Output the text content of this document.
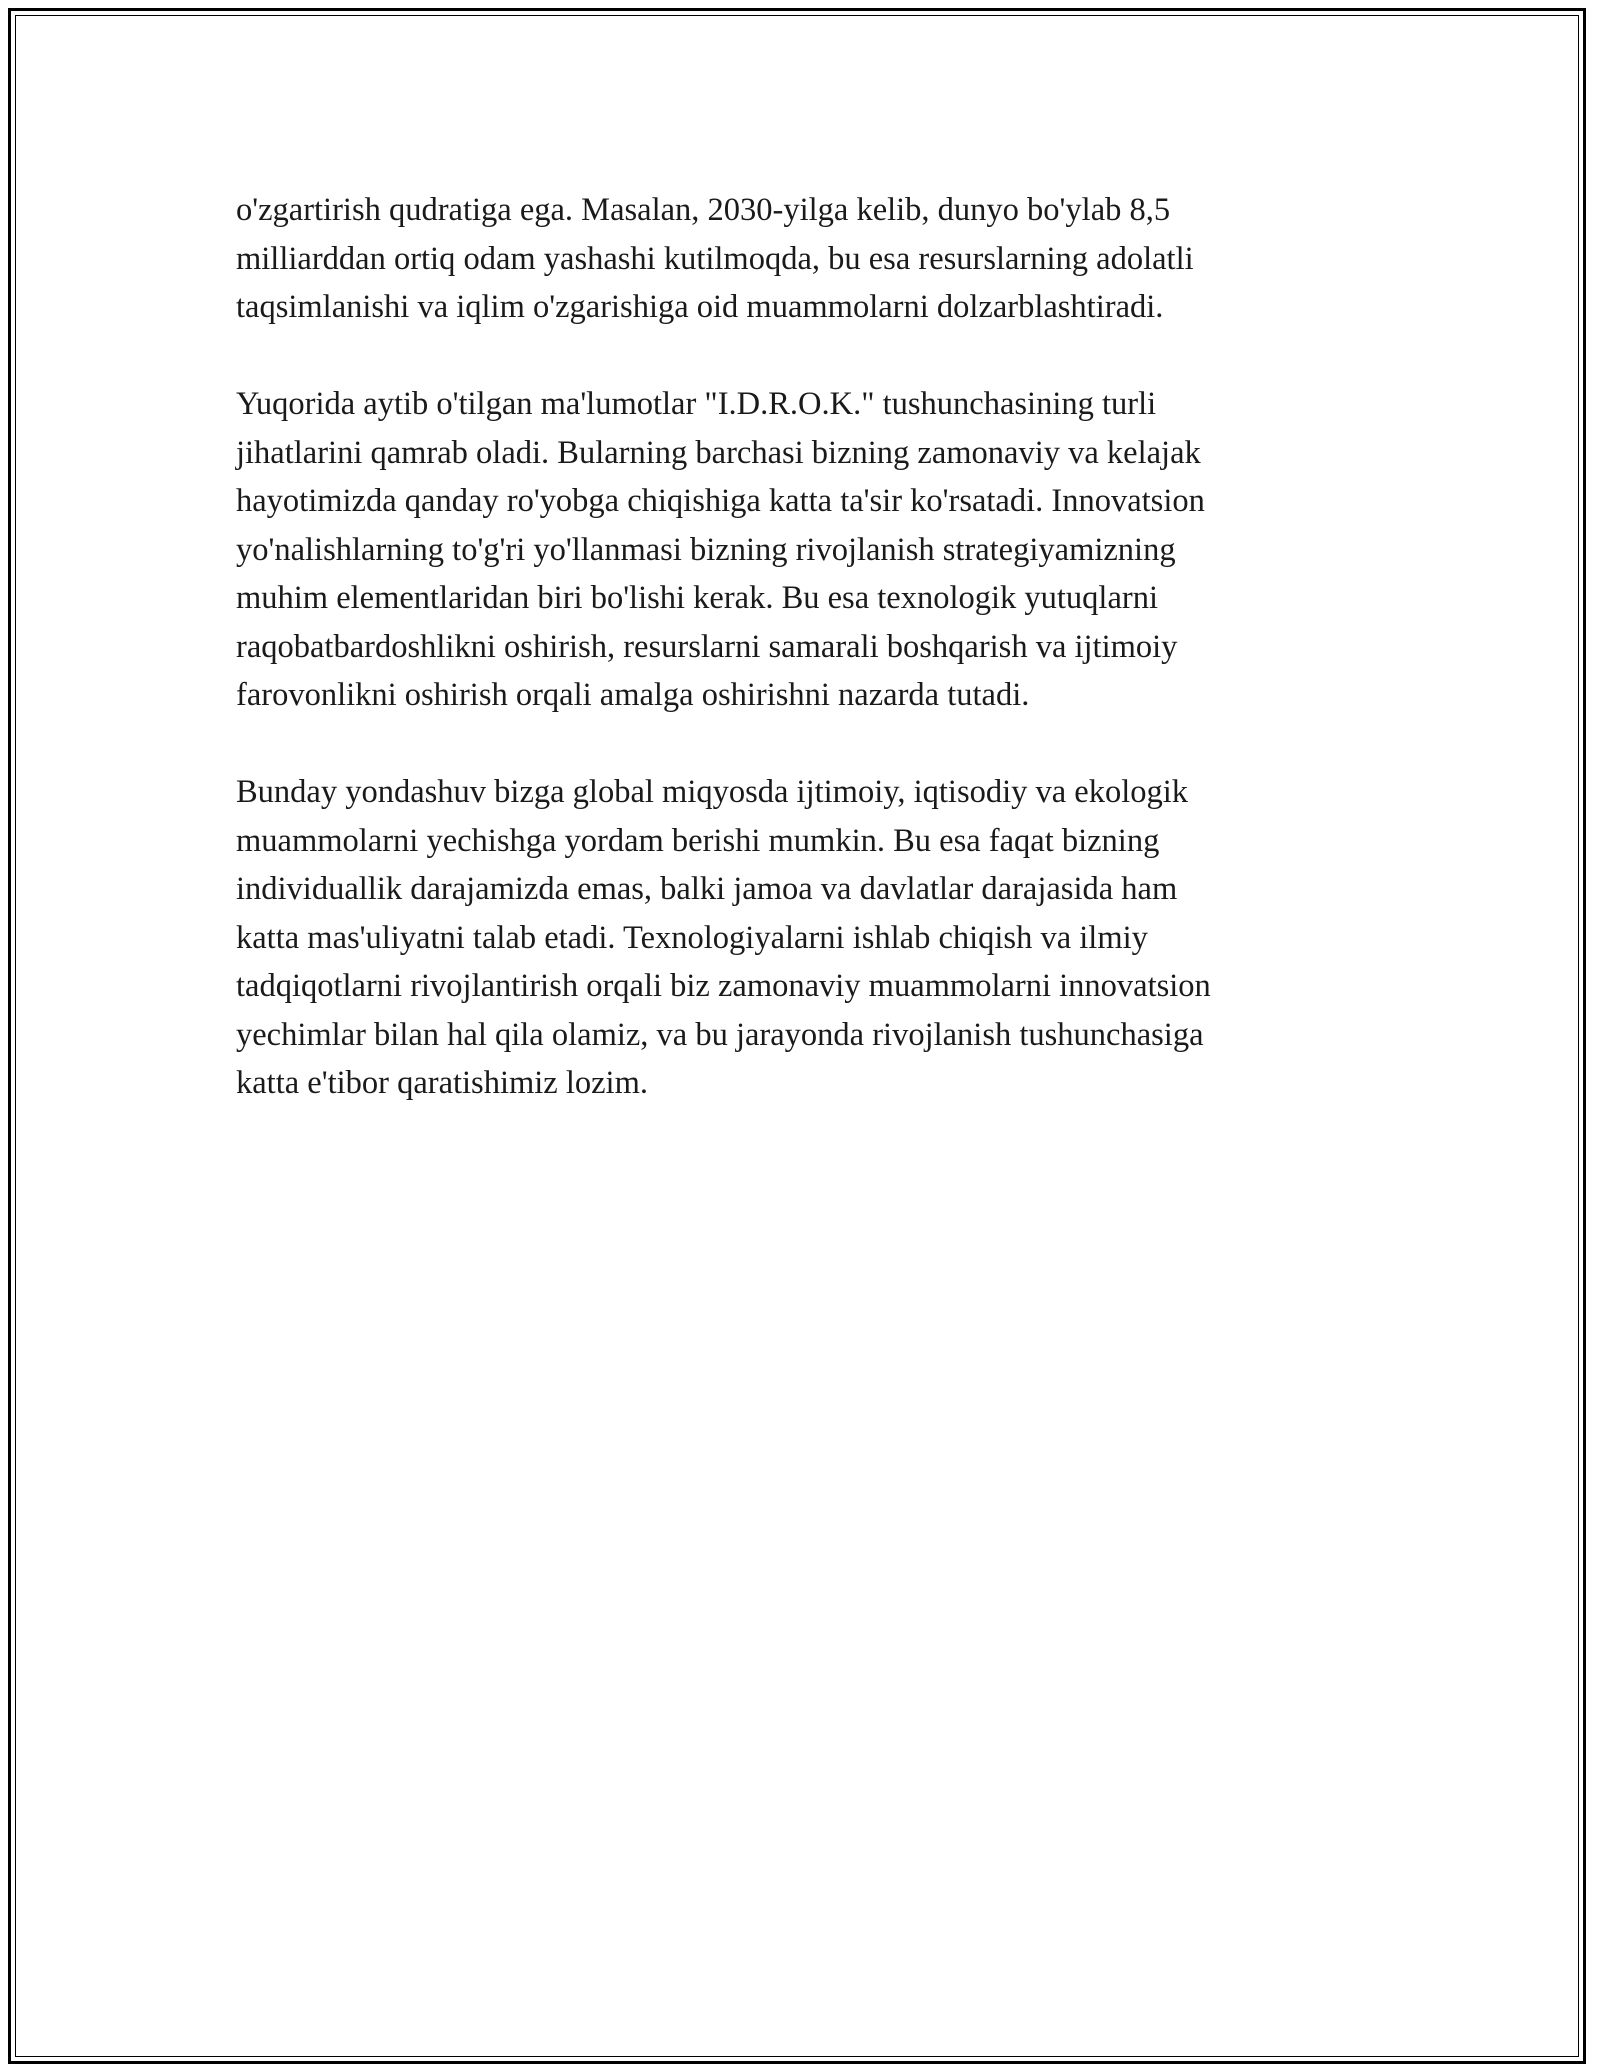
o'zgartirish qudratiga ega. Masalan, 2030-yilga kelib, dunyo bo'ylab 8,5
milliarddan ortiq odam yashashi kutilmoqda, bu esa resurslarning adolatli
taqsimlanishi va iqlim o'zgarishiga oid muammolarni dolzarblashtiradi.

Yuqorida aytib o'tilgan ma'lumotlar "I.D.R.O.K." tushunchasining turli
jihatlarini qamrab oladi. Bularning barchasi bizning zamonaviy va kelajak
hayotimizda qanday ro'yobga chiqishiga katta ta'sir ko'rsatadi. Innovatsion
yo'nalishlarning to'g'ri yo'llanmasi bizning rivojlanish strategiyamizning
muhim elementlaridan biri bo'lishi kerak. Bu esa texnologik yutuqlarni
raqobatbardoshlikni oshirish, resurslarni samarali boshqarish va ijtimoiy
farovonlikni oshirish orqali amalga oshirishni nazarda tutadi.

Bunday yondashuv bizga global miqyosda ijtimoiy, iqtisodiy va ekologik
muammolarni yechishga yordam berishi mumkin. Bu esa faqat bizning
individuallik darajamizda emas, balki jamoa va davlatlar darajasida ham
katta mas'uliyatni talab etadi. Texnologiyalarni ishlab chiqish va ilmiy
tadqiqotlarni rivojlantirish orqali biz zamonaviy muammolarni innovatsion
yechimlar bilan hal qila olamiz, va bu jarayonda rivojlanish tushunchasiga
katta e'tibor qaratishimiz lozim.
